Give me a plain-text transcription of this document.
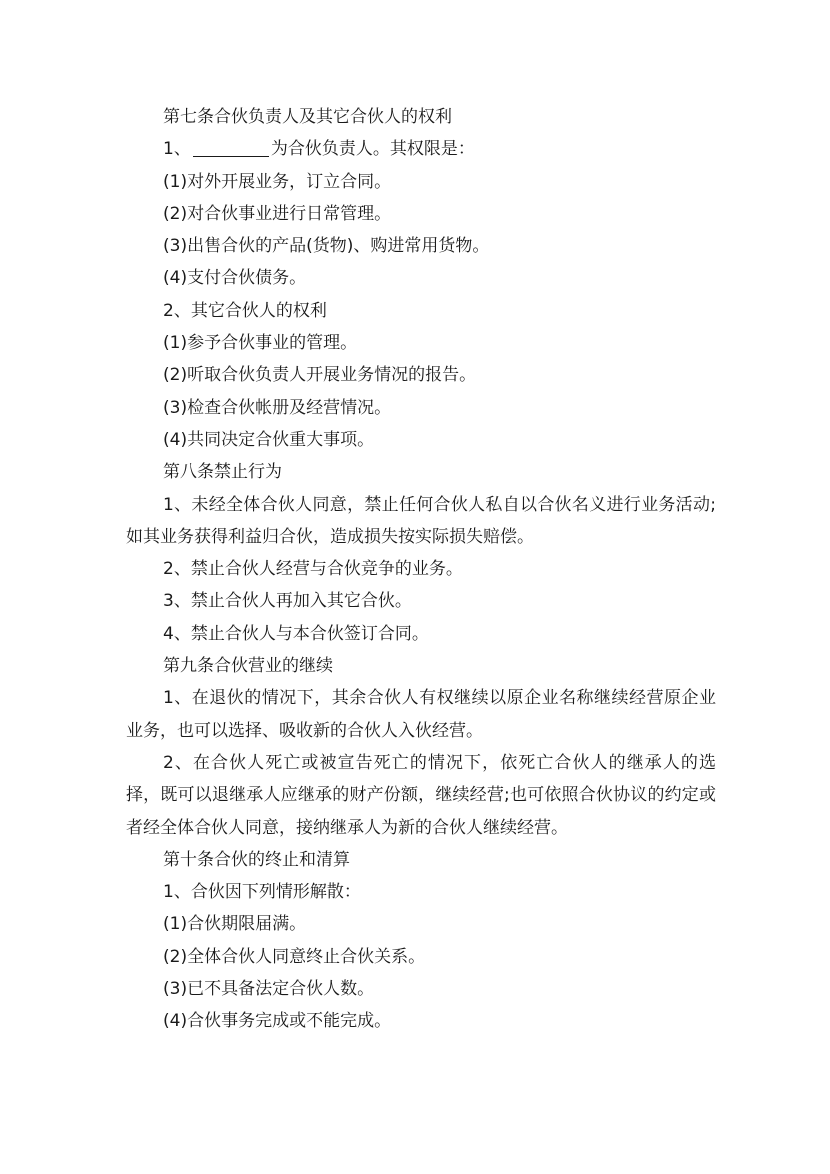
第七条合伙负责人及其它合伙人的权利

1、	为合伙负责人。其权限是：

(1)对外开展业务，订立合同。

(2)对合伙事业进行日常管理。

(3)出售合伙的产品(货物)、购进常用货物。

(4)支付合伙债务。

2、其它合伙人的权利

(1)参予合伙事业的管理。

(2)听取合伙负责人开展业务情况的报告。

(3)检查合伙帐册及经营情况。

(4)共同决定合伙重大事项。

第八条禁止行为

1、未经全体合伙人同意，禁止任何合伙人私自以合伙名义进行业务活动;如其业务获得利益归合伙，造成损失按实际损失赔偿。

2、禁止合伙人经营与合伙竞争的业务。

3、禁止合伙人再加入其它合伙。

4、禁止合伙人与本合伙签订合同。

第九条合伙营业的继续

1、在退伙的情况下，其余合伙人有权继续以原企业名称继续经营原企业业务，也可以选择、吸收新的合伙人入伙经营。

2、在合伙人死亡或被宣告死亡的情况下，依死亡合伙人的继承人的选择，既可以退继承人应继承的财产份额，继续经营;也可依照合伙协议的约定或者经全体合伙人同意，接纳继承人为新的合伙人继续经营。

第十条合伙的终止和清算

1、合伙因下列情形解散：

(1)合伙期限届满。

(2)全体合伙人同意终止合伙关系。

(3)已不具备法定合伙人数。

(4)合伙事务完成或不能完成。
